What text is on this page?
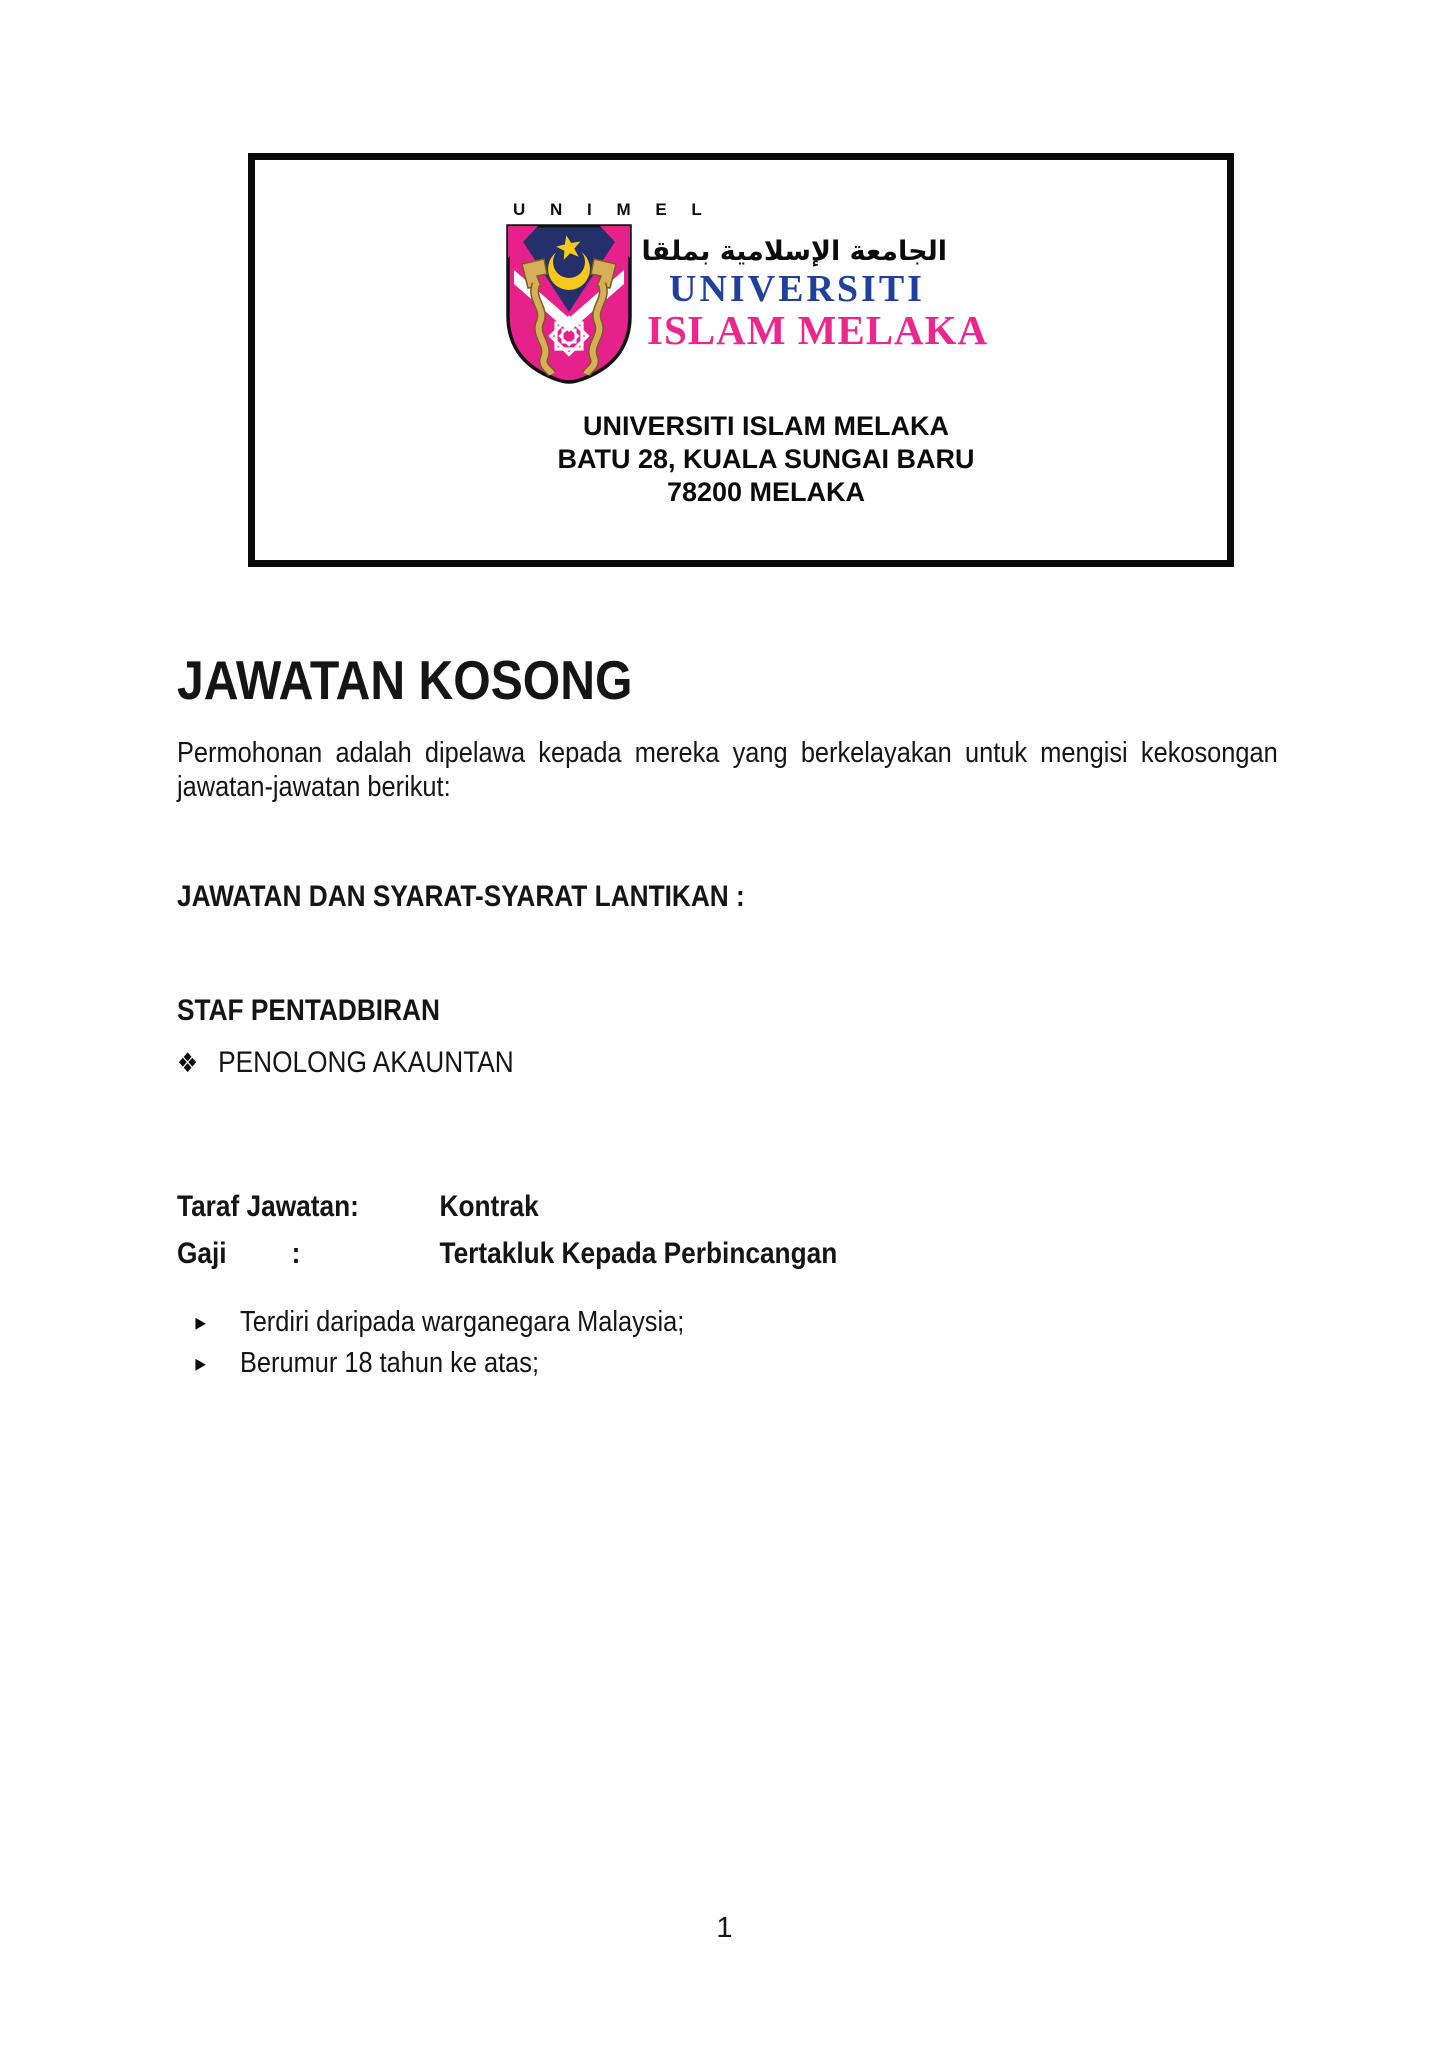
U N I M E L
الجامعة الإسلامية بملقا
UNIVERSITI
ISLAM MELAKA
UNIVERSITI ISLAM MELAKA
BATU 28, KUALA SUNGAI BARU
78200 MELAKA
JAWATAN KOSONG
Permohonan adalah dipelawa kepada mereka yang berkelayakan untuk mengisi kekosongan
jawatan-jawatan berikut:
JAWATAN DAN SYARAT-SYARAT LANTIKAN :
STAF PENTADBIRAN
❖ PENOLONG AKAUNTAN
Taraf Jawatan:	Kontrak
Gaji :	Tertakluk Kepada Perbincangan
▸ Terdiri daripada warganegara Malaysia;
▸ Berumur 18 tahun ke atas;
1
